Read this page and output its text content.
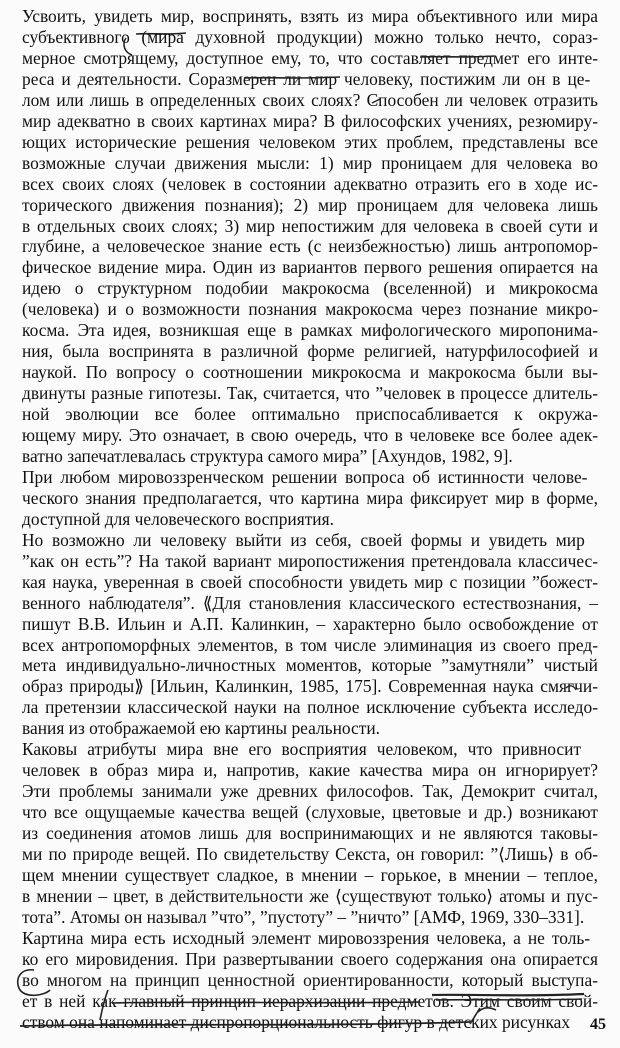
Усвоить, увидеть мир, воспринять, взять из мира объективного или мира
субъективного (мира духовной продукции) можно только нечто, сораз-
мерное смотрящему, доступное ему, то, что составляет предмет его инте-
реса и деятельности. Соразмерен ли мир человеку, постижим ли он в це-
лом или лишь в определенных своих слоях? Способен ли человек отразить
мир адекватно в своих картинах мира? В философских учениях, резюмиру-
ющих исторические решения человеком этих проблем, представлены все
возможные случаи движения мысли: 1) мир проницаем для человека во
всех своих слоях (человек в состоянии адекватно отразить его в ходе ис-
торического движения познания); 2) мир проницаем для человека лишь
в отдельных своих слоях; 3) мир непостижим для человека в своей сути и
глубине, а человеческое знание есть (с неизбежностью) лишь антропомор-
фическое видение мира. Один из вариантов первого решения опирается на
идею о структурном подобии макрокосма (вселенной) и микрокосма
(человека) и о возможности познания макрокосма через познание микро-
косма. Эта идея, возникшая еще в рамках мифологического миропонима-
ния, была воспринята в различной форме религией, натурфилософией и
наукой. По вопросу о соотношении микрокосма и макрокосма были вы-
двинуты разные гипотезы. Так, считается, что ”человек в процессе длитель-
ной эволюции все более оптимально приспосабливается к окружа-
ющему миру. Это означает, в свою очередь, что в человеке все более адек-
ватно запечатлевалась структура самого мира” [Ахундов, 1982, 9].
При любом мировоззренческом решении вопроса об истинности челове-
ческого знания предполагается, что картина мира фиксирует мир в форме,
доступной для человеческого восприятия.
Но возможно ли человеку выйти из себя, своей формы и увидеть мир
”как он есть”? На такой вариант миропостижения претендовала классичес-
кая наука, уверенная в своей способности увидеть мир с позиции ”божест-
венного наблюдателя”. ⟪Для становления классического естествознания, –
пишут В.В. Ильин и А.П. Калинкин, – характерно было освобождение от
всех антропоморфных элементов, в том числе элиминация из своего пред-
мета индивидуально-личностных моментов, которые ”замутняли” чистый
образ природы⟫ [Ильин, Калинкин, 1985, 175]. Современная наука смягчи-
ла претензии классической науки на полное исключение субъекта исследо-
вания из отображаемой ею картины реальности.
Каковы атрибуты мира вне его восприятия человеком, что привносит
человек в образ мира и, напротив, какие качества мира он игнорирует?
Эти проблемы занимали уже древних философов. Так, Демокрит считал,
что все ощущаемые качества вещей (слуховые, цветовые и др.) возникают
из соединения атомов лишь для воспринимающих и не являются таковы-
ми по природе вещей. По свидетельству Секста, он говорил: ”⟨Лишь⟩ в об-
щем мнении существует сладкое, в мнении – горькое, в мнении – теплое,
в мнении – цвет, в действительности же ⟨существуют только⟩ атомы и пус-
тота”. Атомы он называл ”что”, ”пустоту” – ”ничто” [АМФ, 1969, 330–331].
Картина мира есть исходный элемент мировоззрения человека, а не толь-
ко его мировидения. При развертывании своего содержания она опирается
во многом на принцип ценностной ориентированности, который выступа-
ет в ней как главный принцип иерархизации предметов. Этим своим свой-
ством она напоминает диспропорциональность фигур в детских рисунках 45
